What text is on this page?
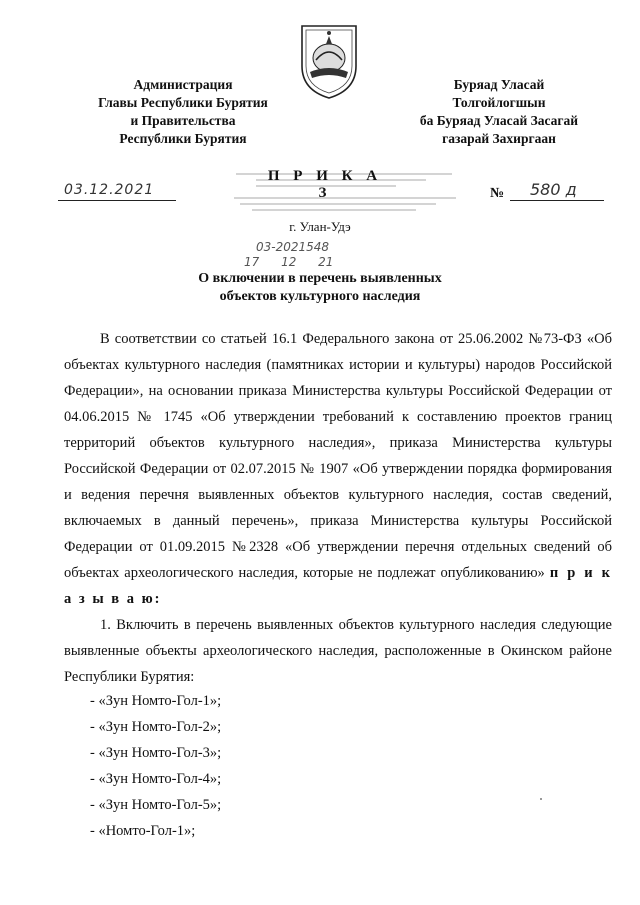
Администрация
Главы Республики Бурятия
и Правительства
Республики Бурятия
Буряад Уласай
Толгойлогшын
ба Буряад Уласай Засагай
газарай Захиргаан
П Р И К А З
03.12.2021	№ 580 д
г. Улан-Удэ
03-2021548
17 12 21
О включении в перечень выявленных
объектов культурного наследия

В соответствии со статьей 16.1 Федерального закона от 25.06.2002 №73-ФЗ «Об объектах культурного наследия (памятниках истории и культуры) народов Российской Федерации», на основании приказа Министерства культуры Российской Федерации от 04.06.2015 № 1745 «Об утверждении требований к составлению проектов границ территорий объектов культурного наследия», приказа Министерства культуры Российской Федерации от 02.07.2015 № 1907 «Об утверждении порядка формирования и ведения перечня выявленных объектов культурного наследия, состав сведений, включаемых в данный перечень», приказа Министерства культуры Российской Федерации от 01.09.2015 №2328 «Об утверждении перечня отдельных сведений об объектах археологического наследия, которые не подлежат опубликованию» п р и к а з ы в а ю:

1. Включить в перечень выявленных объектов культурного наследия следующие выявленные объекты археологического наследия, расположенные в Окинском районе Республики Бурятия:

- «Зун Номто-Гол-1»;
- «Зун Номто-Гол-2»;
- «Зун Номто-Гол-3»;
- «Зун Номто-Гол-4»;
- «Зун Номто-Гол-5»;
- «Номто-Гол-1»;
